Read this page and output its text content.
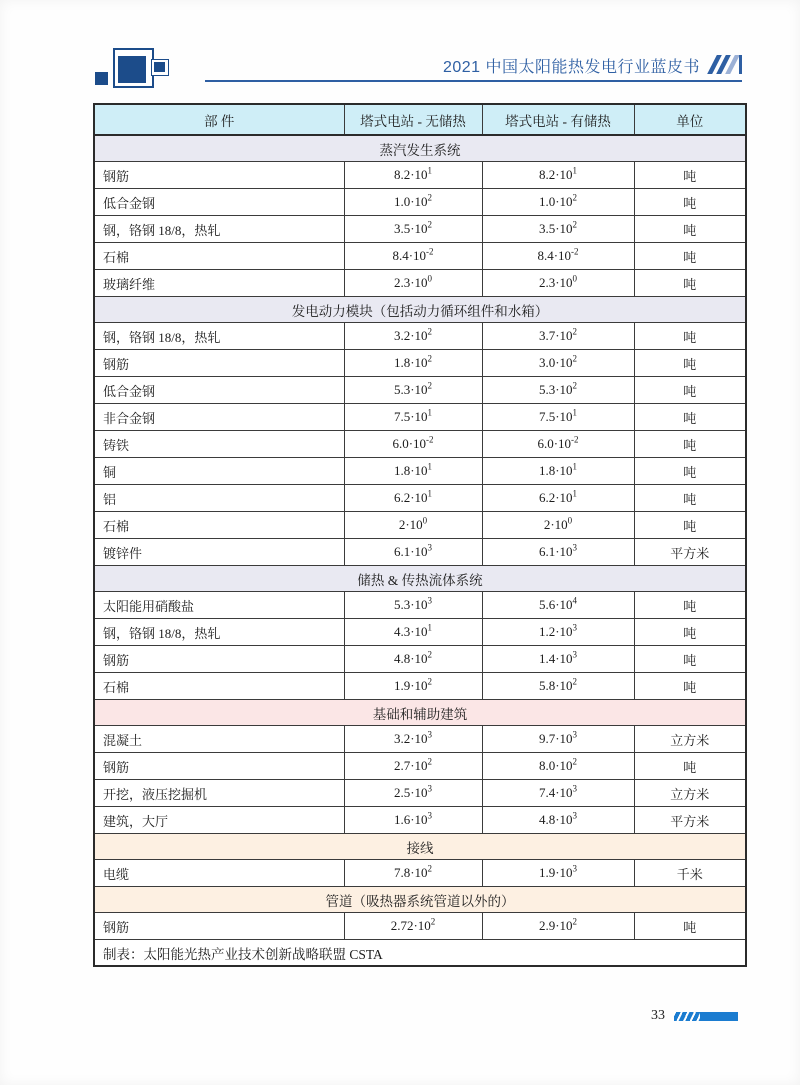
2021 中国太阳能热发电行业蓝皮书
部 件	塔式电站 - 无储热	塔式电站 - 有储热	单位
蒸汽发生系统			
钢筋	$8.2\cdot 10^1$	$8.2\cdot 10^1$	吨
低合金钢	$1.0\cdot 10^2$	$1.0\cdot 10^2$	吨
钢，铬钢 18/8，热轧	$3.5\cdot 10^2$	$3.5\cdot 10^2$	吨
石棉	$8.4\cdot 10^{-2}$	$8.4\cdot 10^{-2}$	吨
玻璃纤维	$2.3\cdot 10^0$	$2.3\cdot 10^0$	吨
发电动力模块（包括动力循环组件和水箱）			
钢，铬钢 18/8，热轧	$3.2\cdot 10^2$	$3.7\cdot 10^2$	吨
钢筋	$1.8\cdot 10^2$	$3.0\cdot 10^2$	吨
低合金钢	$5.3\cdot 10^2$	$5.3\cdot 10^2$	吨
非合金钢	$7.5\cdot 10^1$	$7.5\cdot 10^1$	吨
铸铁	$6.0\cdot 10^{-2}$	$6.0\cdot 10^{-2}$	吨
铜	$1.8\cdot 10^1$	$1.8\cdot 10^1$	吨
铝	$6.2\cdot 10^1$	$6.2\cdot 10^1$	吨
石棉	$2\cdot 10^0$	$2\cdot 10^0$	吨
镀锌件	$6.1\cdot 10^3$	$6.1\cdot 10^3$	平方米
储热 & 传热流体系统			
太阳能用硝酸盐	$5.3\cdot 10^3$	$5.6\cdot 10^4$	吨
钢，铬钢 18/8，热轧	$4.3\cdot 10^1$	$1.2\cdot 10^3$	吨
钢筋	$4.8\cdot 10^2$	$1.4\cdot 10^3$	吨
石棉	$1.9\cdot 10^2$	$5.8\cdot 10^2$	吨
基础和辅助建筑			
混凝土	$3.2\cdot 10^3$	$9.7\cdot 10^3$	立方米
钢筋	$2.7\cdot 10^2$	$8.0\cdot 10^2$	吨
开挖，液压挖掘机	$2.5\cdot 10^3$	$7.4\cdot 10^3$	立方米
建筑，大厅	$1.6\cdot 10^3$	$4.8\cdot 10^3$	平方米
接线			
电缆	$7.8\cdot 10^2$	$1.9\cdot 10^3$	千米
管道（吸热器系统管道以外的）			
钢筋	$2.72\cdot 10^2$	$2.9\cdot 10^2$	吨
制表：太阳能光热产业技术创新战略联盟 CSTA			
33
